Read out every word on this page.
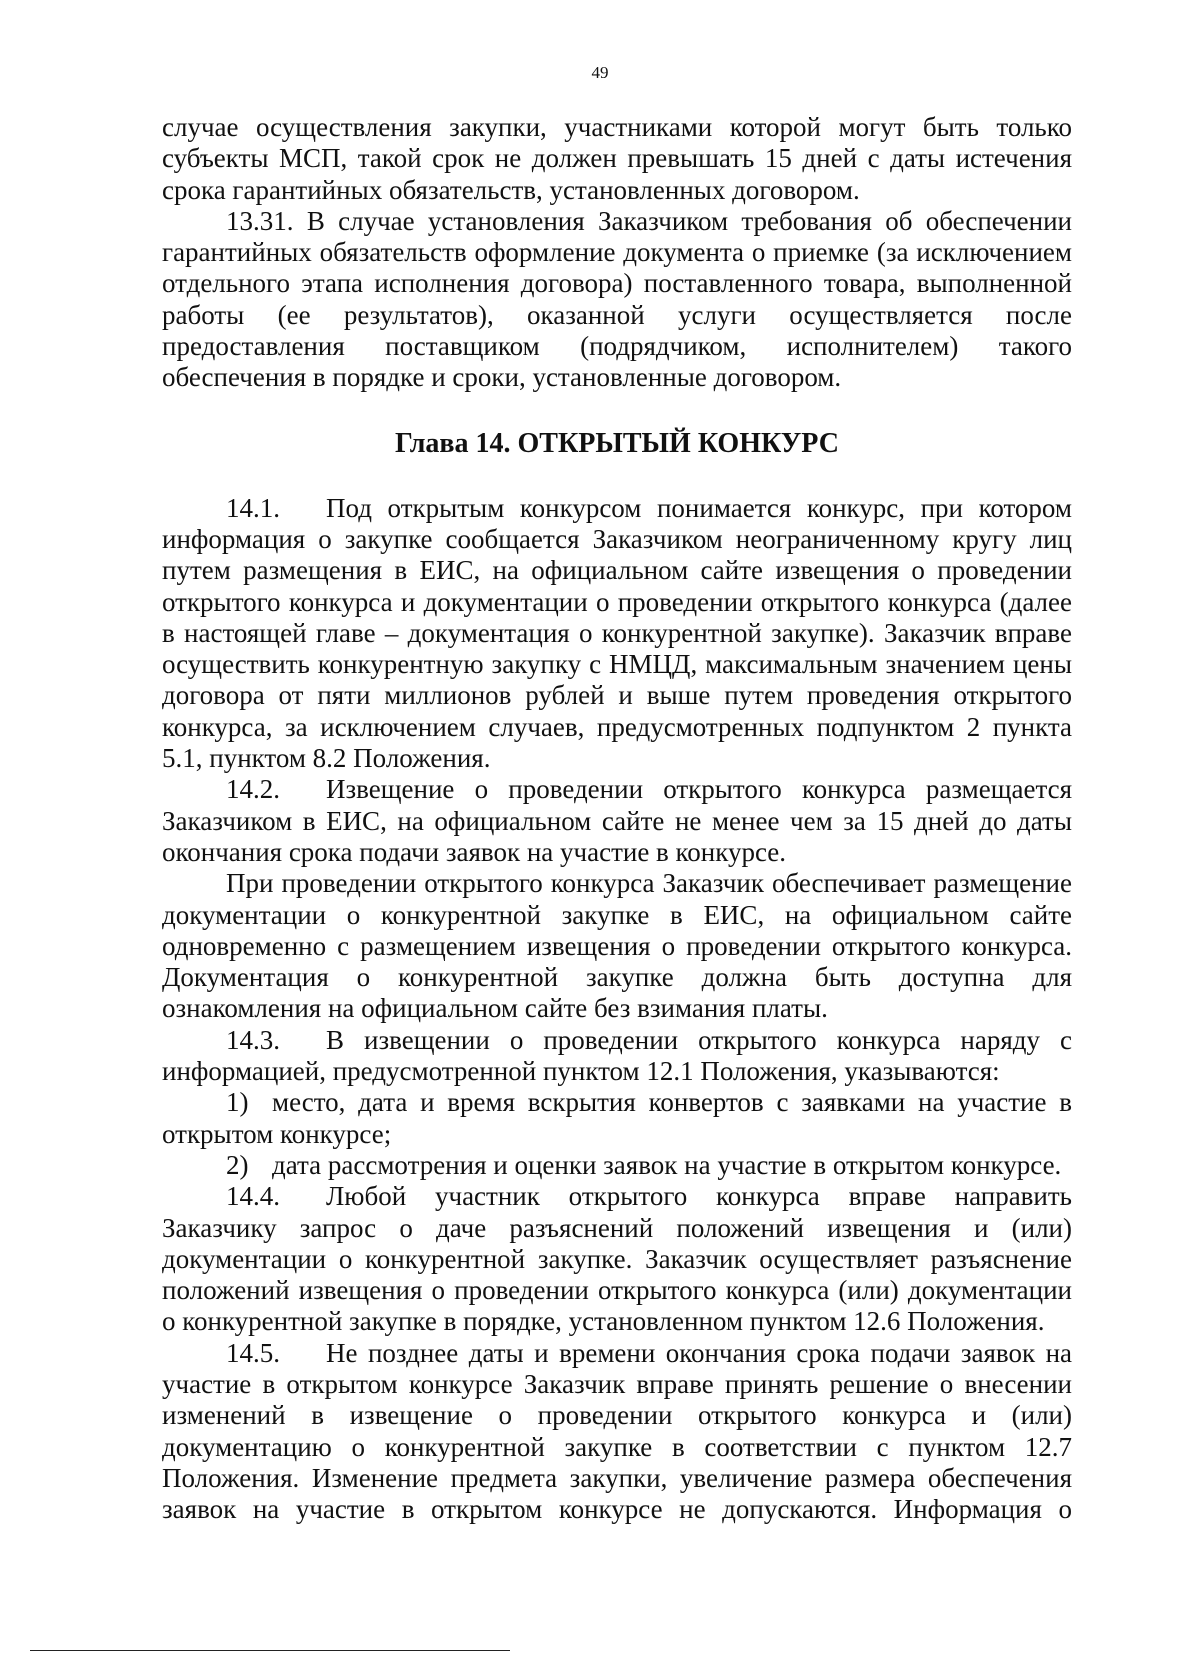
49

случае осуществления закупки, участниками которой могут быть только субъекты МСП, такой срок не должен превышать 15 дней с даты истечения срока гарантийных обязательств, установленных договором.

13.31. В случае установления Заказчиком требования об обеспечении гарантийных обязательств оформление документа о приемке (за исключением отдельного этапа исполнения договора) поставленного товара, выполненной работы (ее результатов), оказанной услуги осуществляется после предоставления поставщиком (подрядчиком, исполнителем) такого обеспечения в порядке и сроки, установленные договором.

Глава 14. ОТКРЫТЫЙ КОНКУРС

14.1. Под открытым конкурсом понимается конкурс, при котором информация о закупке сообщается Заказчиком неограниченному кругу лиц путем размещения в ЕИС, на официальном сайте извещения о проведении открытого конкурса и документации о проведении открытого конкурса (далее в настоящей главе – документация о конкурентной закупке). Заказчик вправе осуществить конкурентную закупку с НМЦД, максимальным значением цены договора от пяти миллионов рублей и выше путем проведения открытого конкурса, за исключением случаев, предусмотренных подпунктом 2 пункта 5.1, пунктом 8.2 Положения.

14.2. Извещение о проведении открытого конкурса размещается Заказчиком в ЕИС, на официальном сайте не менее чем за 15 дней до даты окончания срока подачи заявок на участие в конкурсе.

При проведении открытого конкурса Заказчик обеспечивает размещение документации о конкурентной закупке в ЕИС, на официальном сайте одновременно с размещением извещения о проведении открытого конкурса. Документация о конкурентной закупке должна быть доступна для ознакомления на официальном сайте без взимания платы.

14.3. В извещении о проведении открытого конкурса наряду с информацией, предусмотренной пунктом 12.1 Положения, указываются:

1) место, дата и время вскрытия конвертов с заявками на участие в открытом конкурсе;

2) дата рассмотрения и оценки заявок на участие в открытом конкурсе.

14.4. Любой участник открытого конкурса вправе направить Заказчику запрос о даче разъяснений положений извещения и (или) документации о конкурентной закупке. Заказчик осуществляет разъяснение положений извещения о проведении открытого конкурса (или) документации о конкурентной закупке в порядке, установленном пунктом 12.6 Положения.

14.5. Не позднее даты и времени окончания срока подачи заявок на участие в открытом конкурсе Заказчик вправе принять решение о внесении изменений в извещение о проведении открытого конкурса и (или) документацию о конкурентной закупке в соответствии с пунктом 12.7 Положения. Изменение предмета закупки, увеличение размера обеспечения заявок на участие в открытом конкурсе не допускаются. Информация о
